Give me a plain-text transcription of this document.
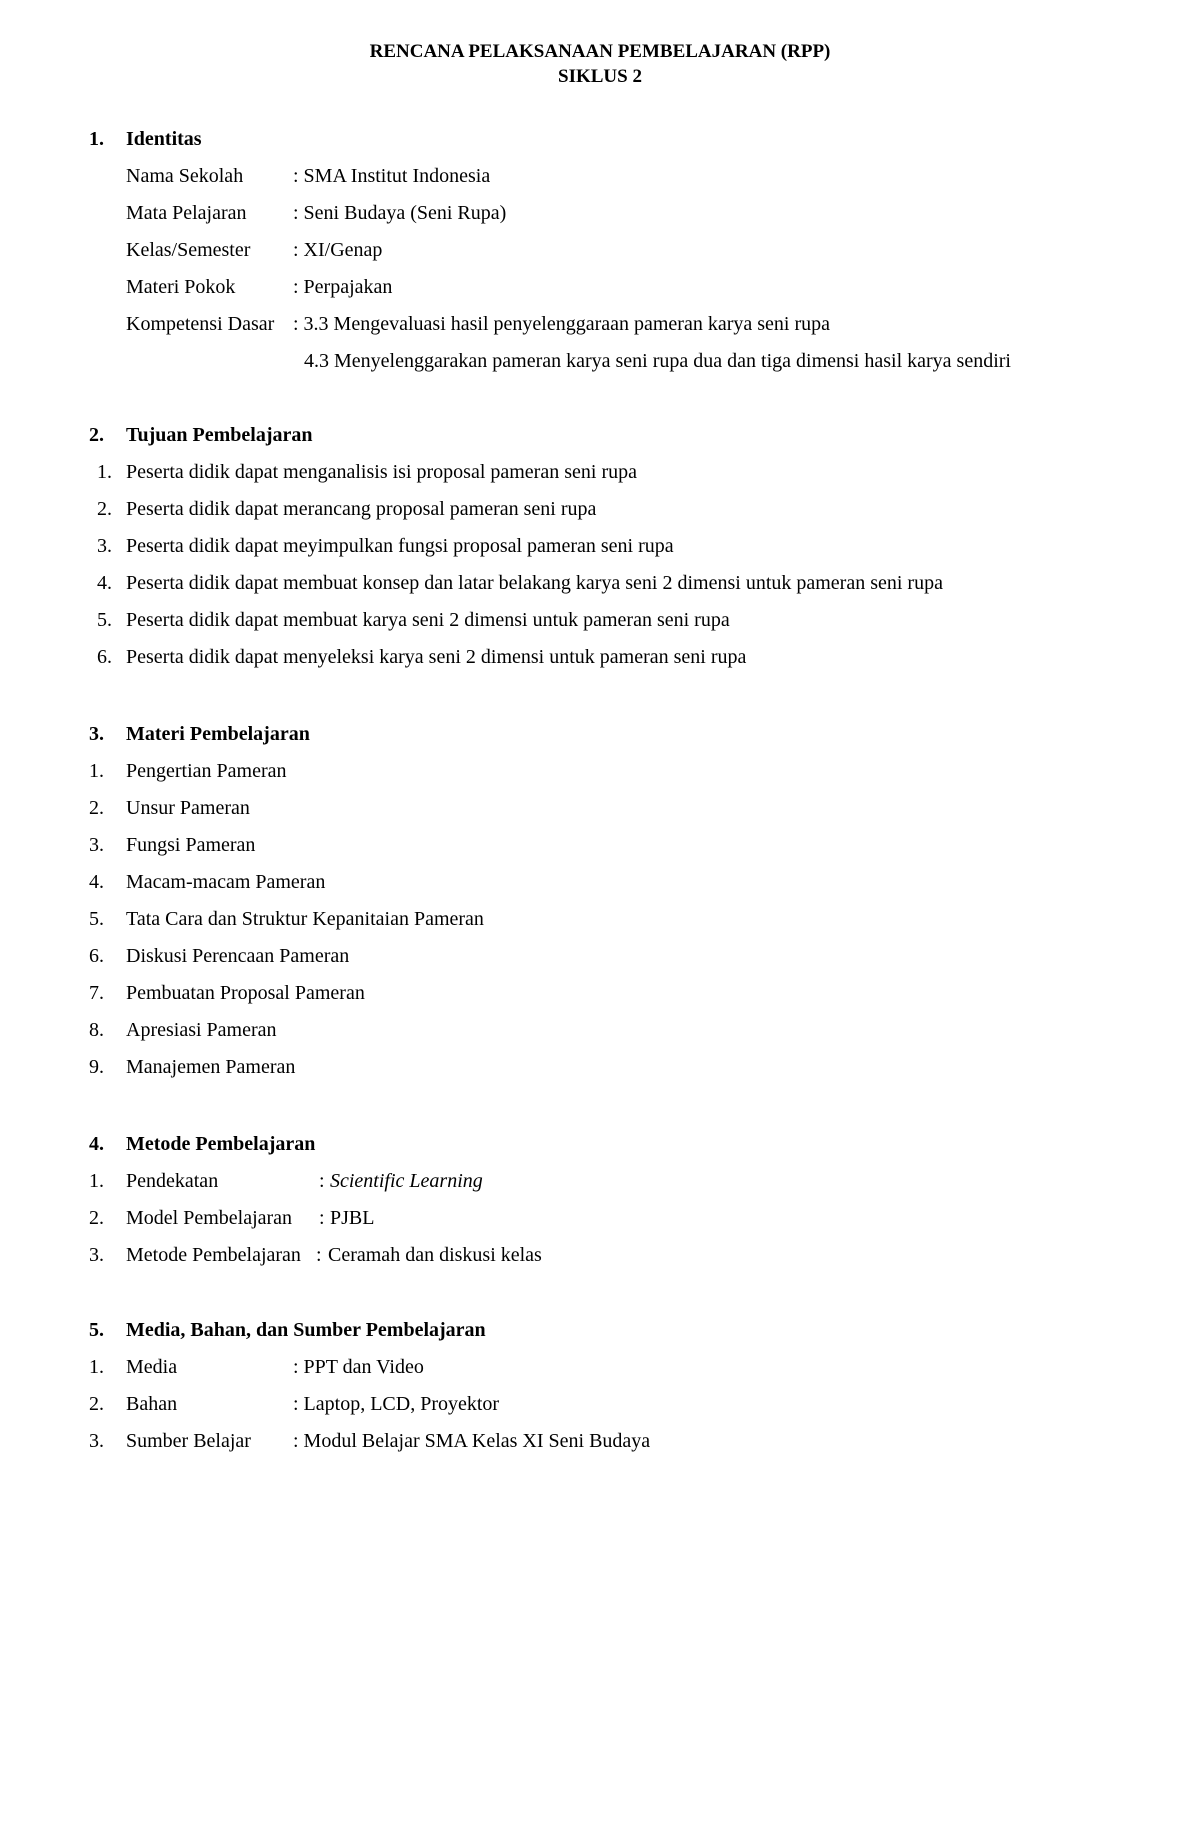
RENCANA PELAKSANAAN PEMBELAJARAN (RPP)
SIKLUS 2
1. Identitas
Nama Sekolah : SMA Institut Indonesia
Mata Pelajaran : Seni Budaya (Seni Rupa)
Kelas/Semester : XI/Genap
Materi Pokok	: Perpajakan
Kompetensi Dasar : 3.3 Mengevaluasi hasil penyelenggaraan pameran karya seni rupa
4.3 Menyelenggarakan pameran karya seni rupa dua dan tiga dimensi hasil karya sendiri
2. Tujuan Pembelajaran
1. Peserta didik dapat menganalisis isi proposal pameran seni rupa
2. Peserta didik dapat merancang proposal pameran seni rupa
3. Peserta didik dapat meyimpulkan fungsi proposal pameran seni rupa
4. Peserta didik dapat membuat konsep dan latar belakang karya seni 2 dimensi untuk pameran seni rupa
5. Peserta didik dapat membuat karya seni 2 dimensi untuk pameran seni rupa
6. Peserta didik dapat menyeleksi karya seni 2 dimensi untuk pameran seni rupa
3. Materi Pembelajaran
1. Pengertian Pameran
2. Unsur Pameran
3. Fungsi Pameran
4. Macam-macam Pameran
5. Tata Cara dan Struktur Kepanitaian Pameran
6. Diskusi Perencaan Pameran
7. Pembuatan Proposal Pameran
8. Apresiasi Pameran
9. Manajemen Pameran
4. Metode Pembelajaran
1. Pendekatan	: Scientific Learning
2. Model Pembelajaran : PJBL
3. Metode Pembelajaran : Ceramah dan diskusi kelas
5. Media, Bahan, dan Sumber Pembelajaran
1. Media	: PPT dan Video
2. Bahan	: Laptop, LCD, Proyektor
3. Sumber Belajar : Modul Belajar SMA Kelas XI Seni Budaya
